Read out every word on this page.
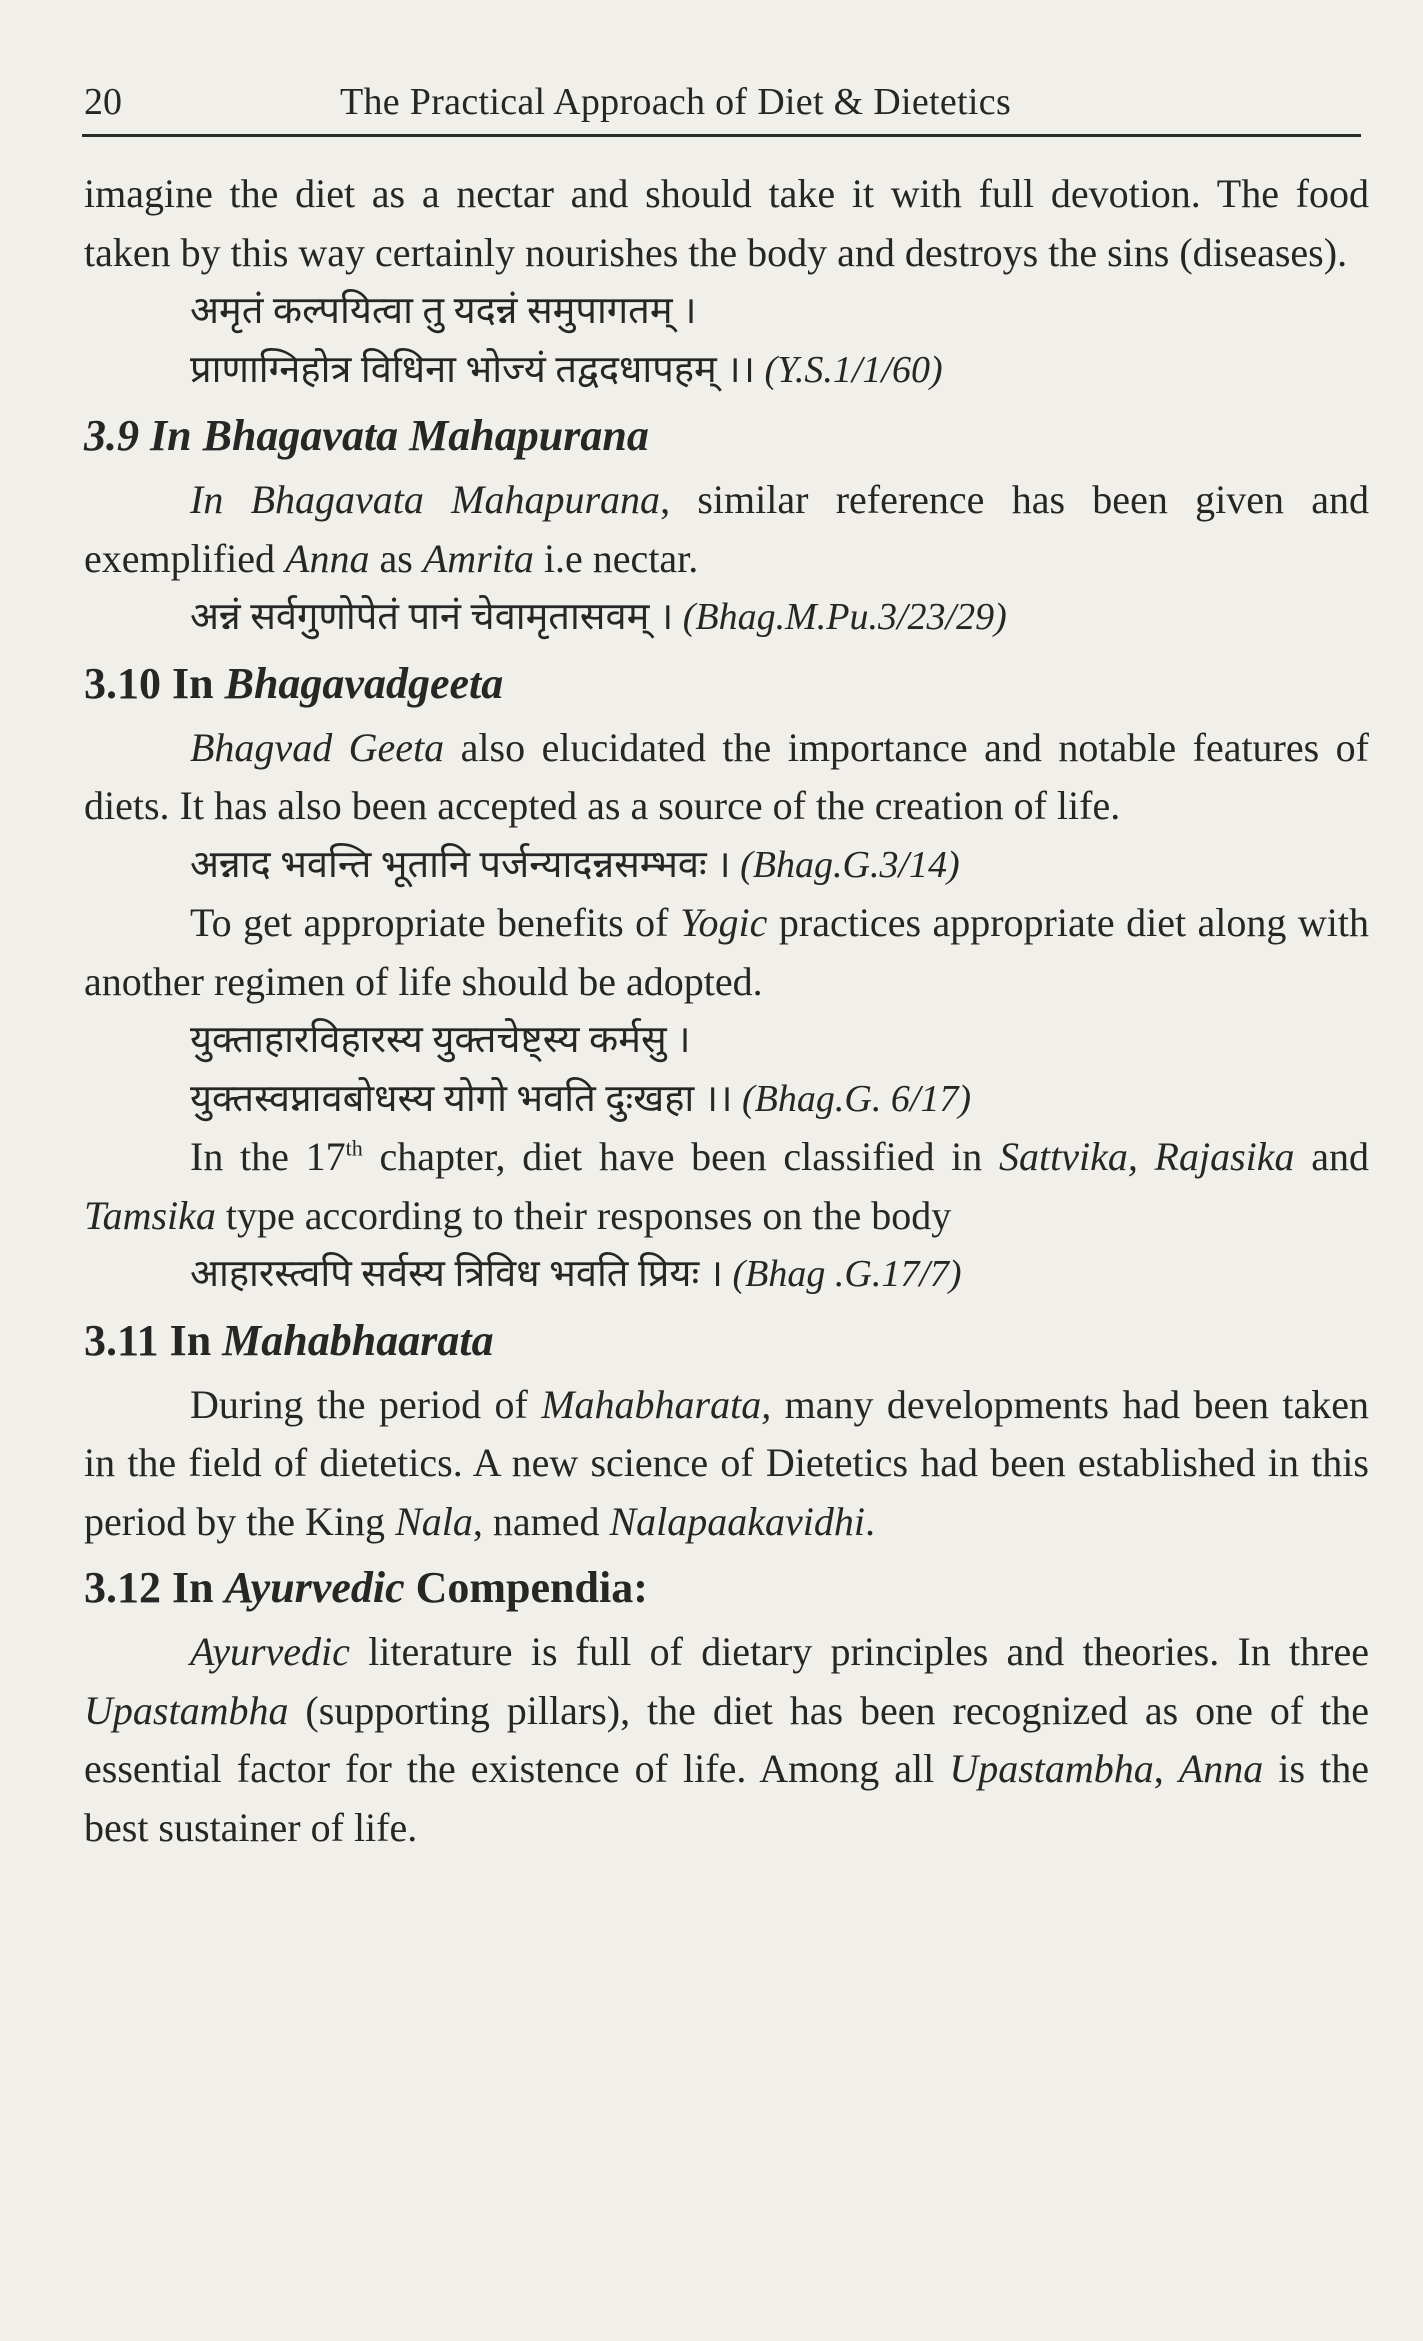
20	The Practical Approach of Diet & Dietetics

imagine the diet as a nectar and should take it with full devotion. The food taken by this way certainly nourishes the body and destroys the sins (diseases).

अमृतं कल्पयित्वा तु यदन्नं समुपागतम् ।
प्राणाग्निहोत्र विधिना भोज्यं तद्वदधापहम् ।। (Y.S.1/1/60)
3.9 In Bhagavata Mahapurana

In Bhagavata Mahapurana, similar reference has been given and exemplified Anna as Amrita i.e nectar.

अन्नं सर्वगुणोपेतं पानं चेवामृतासवम् । (Bhag.M.Pu.3/23/29)
3.10 In Bhagavadgeeta

Bhagvad Geeta also elucidated the importance and notable features of diets. It has also been accepted as a source of the creation of life.

अन्नाद भवन्ति भूतानि पर्जन्यादन्नसम्भवः । (Bhag.G.3/14)

To get appropriate benefits of Yogic practices appropriate diet along with another regimen of life should be adopted.

युक्ताहारविहारस्य युक्तचेष्ट्स्य कर्मसु ।
युक्तस्वप्नावबोधस्य योगो भवति दुःखहा ।। (Bhag.G. 6/17)

In the 17th chapter, diet have been classified in Sattvika, Rajasika and Tamsika type according to their responses on the body

आहारस्त्वपि सर्वस्य त्रिविध भवति प्रियः । (Bhag .G.17/7)
3.11 In Mahabhaarata

During the period of Mahabharata, many developments had been taken in the field of dietetics. A new science of Dietetics had been established in this period by the King Nala, named Nalapaakavidhi.

3.12 In Ayurvedic Compendia:

Ayurvedic literature is full of dietary principles and theories. In three Upastambha (supporting pillars), the diet has been recognized as one of the essential factor for the existence of life. Among all Upastambha, Anna is the best sustainer of life.
